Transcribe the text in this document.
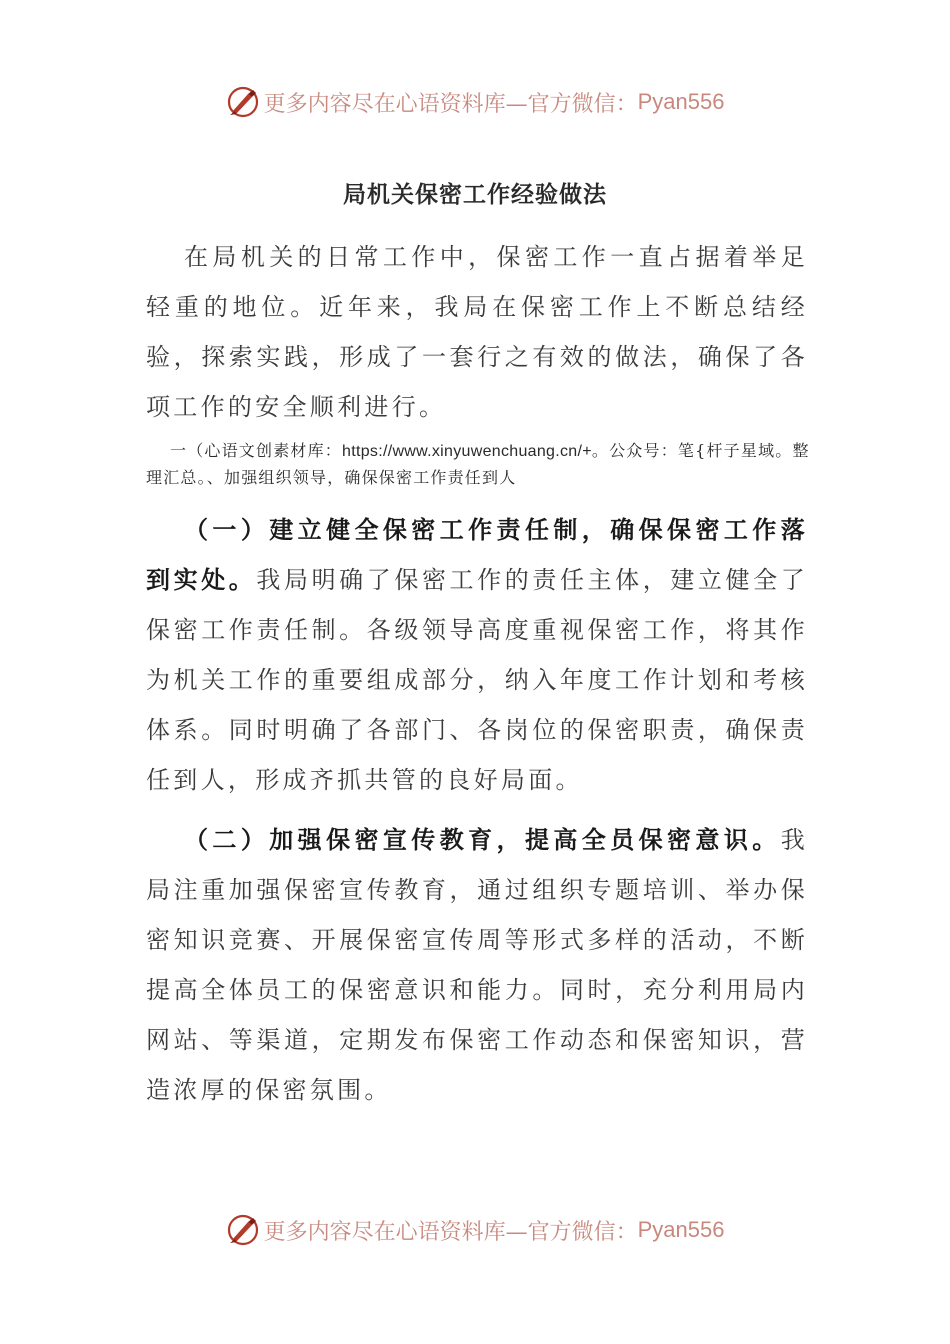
更多内容尽在心语资料库—官方微信： Pyan556
局机关保密工作经验做法

在局机关的日常工作中，保密工作一直占据着举足轻重的地位。近年来，我局在保密工作上不断总结经验，探索实践，形成了一套行之有效的做法，确保了各项工作的安全顺利进行。

一（心语文创素材库：https://www.xinyuwenchuang.cn/+。公众号：笔{杆子星域。整理汇总。、加强组织领导，确保保密工作责任到人

（一）建立健全保密工作责任制，确保保密工作落到实处。我局明确了保密工作的责任主体，建立健全了保密工作责任制。各级领导高度重视保密工作，将其作为机关工作的重要组成部分，纳入年度工作计划和考核体系。同时明确了各部门、各岗位的保密职责，确保责任到人，形成齐抓共管的良好局面。

（二）加强保密宣传教育，提高全员保密意识。我局注重加强保密宣传教育，通过组织专题培训、举办保密知识竞赛、开展保密宣传周等形式多样的活动，不断提高全体员工的保密意识和能力。同时，充分利用局内网站、等渠道，定期发布保密工作动态和保密知识，营造浓厚的保密氛围。

更多内容尽在心语资料库—官方微信： Pyan556
